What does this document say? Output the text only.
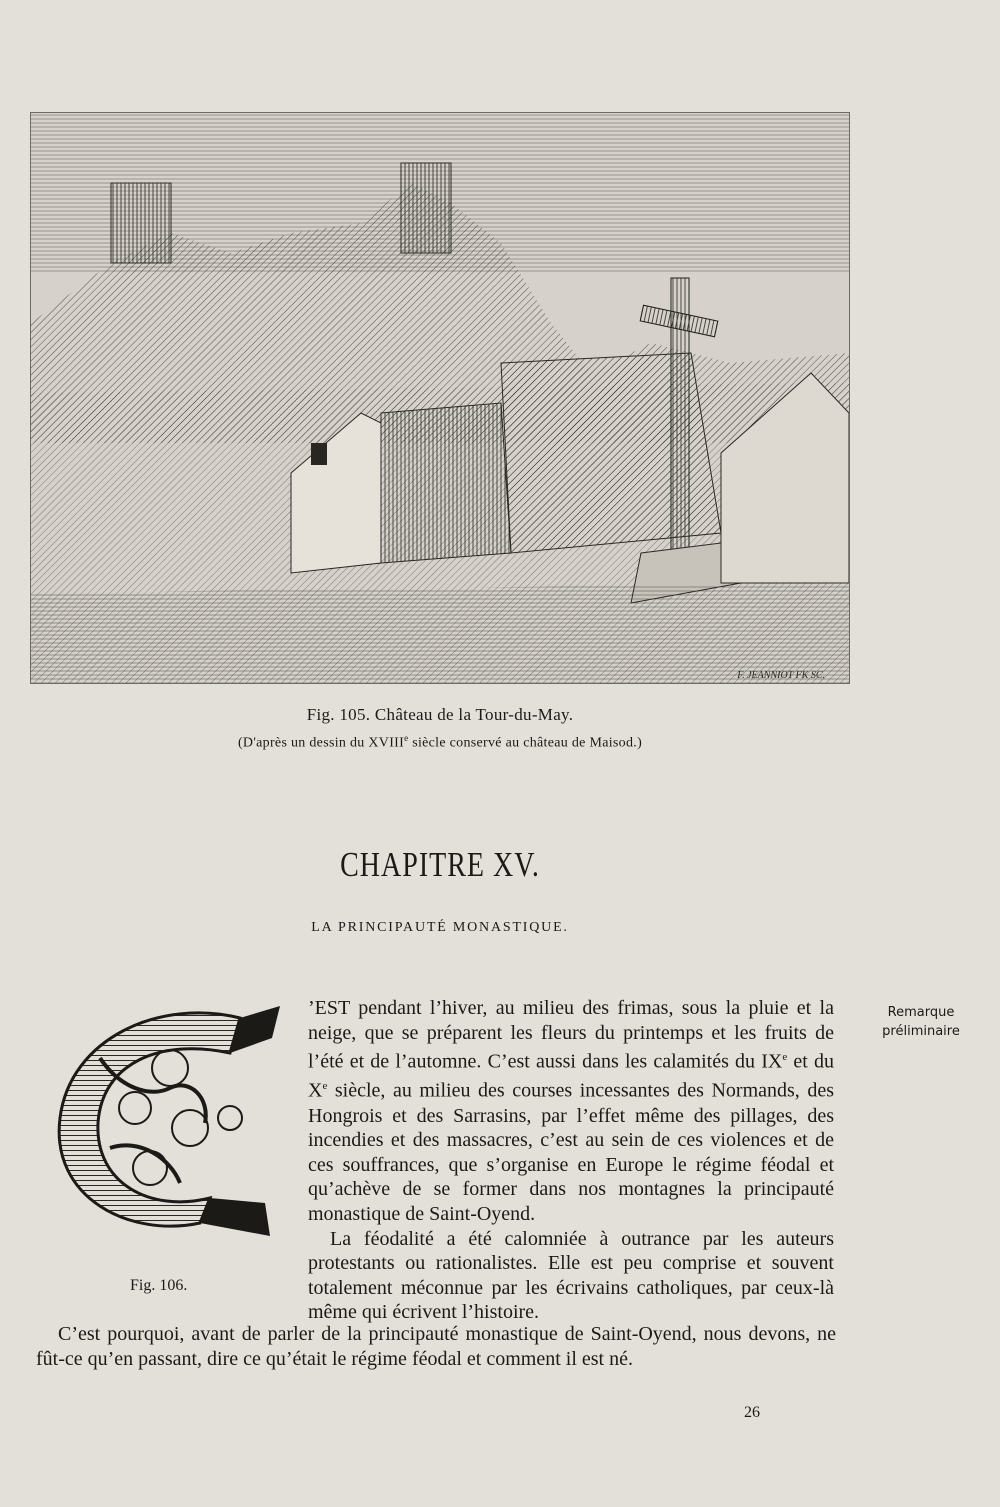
F. JEANNIOT FK SC.
Fig. 105. Château de la Tour-du-May.
(D'après un dessin du XVIIIe siècle conservé au château de Maisod.)
CHAPITRE XV.
LA PRINCIPAUTÉ MONASTIQUE.
Fig. 106.

’EST pendant l’hiver, au milieu des frimas, sous la pluie et la neige, que se préparent les fleurs du printemps et les fruits de l’été et de l’automne. C’est aussi dans les calamités du IXe et du Xe siècle, au milieu des courses incessantes des Normands, des Hongrois et des Sarrasins, par l’effet même des pillages, des incendies et des massacres, c’est au sein de ces violences et de ces souffrances, que s’organise en Europe le régime féodal et qu’achève de se former dans nos montagnes la principauté monastique de Saint-Oyend.

La féodalité a été calomniée à outrance par les auteurs protestants ou rationalistes. Elle est peu comprise et souvent totalement méconnue par les écrivains catholiques, par ceux-là même qui écrivent l’histoire.

C’est pourquoi, avant de parler de la principauté monastique de Saint-Oyend, nous devons, ne fût-ce qu’en passant, dire ce qu’était le régime féodal et comment il est né.

Remarque
préliminaire
26
